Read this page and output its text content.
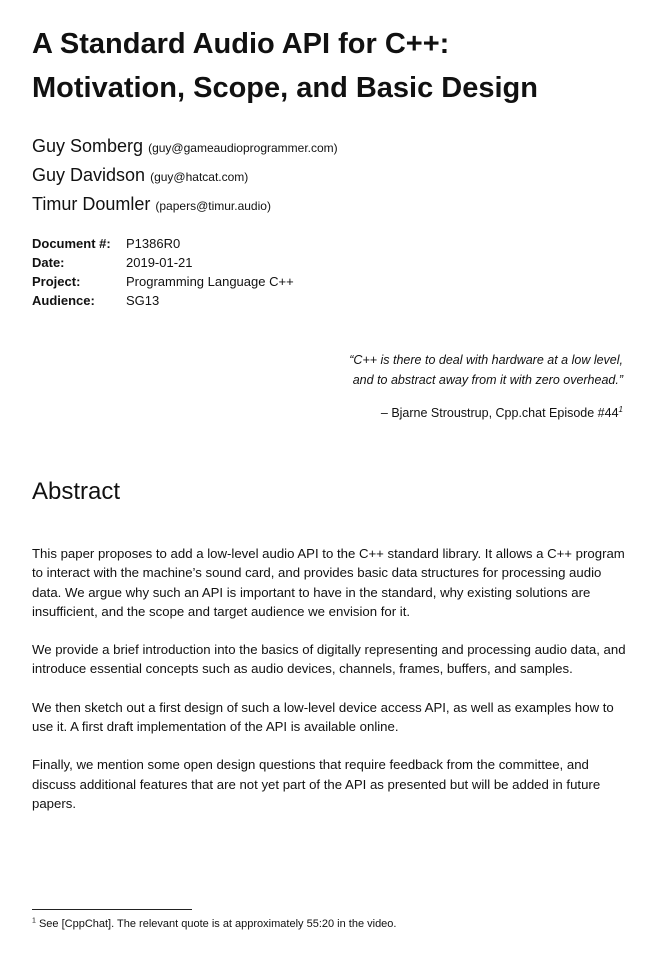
A Standard Audio API for C++:
Motivation, Scope, and Basic Design
Guy Somberg (guy@gameaudioprogrammer.com)
Guy Davidson (guy@hatcat.com)
Timur Doumler (papers@timur.audio)
Document #:	P1386R0
Date:	2019-01-21
Project:	Programming Language C++
Audience:	SG13
“C++ is there to deal with hardware at a low level,
and to abstract away from it with zero overhead.”
– Bjarne Stroustrup, Cpp.chat Episode $\#44^1$
Abstract

This paper proposes to add a low-level audio API to the C++ standard library. It allows a C++ program to interact with the machine’s sound card, and provides basic data structures for processing audio data. We argue why such an API is important to have in the standard, why existing solutions are insufficient, and the scope and target audience we envision for it.

We provide a brief introduction into the basics of digitally representing and processing audio data, and introduce essential concepts such as audio devices, channels, frames, buffers, and samples.

We then sketch out a first design of such a low-level device access API, as well as examples how to use it. A first draft implementation of the API is available online.

Finally, we mention some open design questions that require feedback from the committee, and discuss additional features that are not yet part of the API as presented but will be added in future papers.

$^1$ See [CppChat]. The relevant quote is at approximately 55:20 in the video.
